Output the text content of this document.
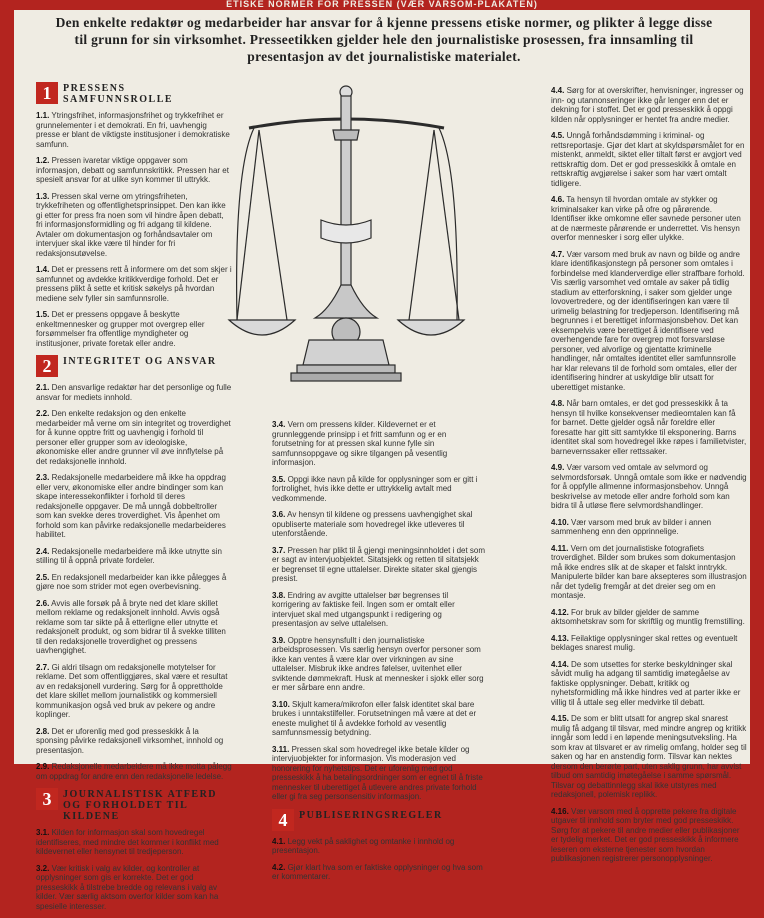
ETISKE NORMER FOR PRESSEN (VÆR VARSOM-PLAKATEN)
Den enkelte redaktør og medarbeider har ansvar for å kjenne pressens etiske normer, og plikter å legge disse til grunn for sin virksomhet. Presseetikken gjelder hele den journalistiske prosessen, fra innsamling til presentasjon av det journalistiske materialet.
1	PRESSENS SAMFUNNSROLLE

1.1. Ytringsfrihet, informasjonsfrihet og trykkefrihet er grunnelementer i et demokrati. En fri, uavhengig presse er blant de viktigste institusjoner i demokratiske samfunn.

1.2. Pressen ivaretar viktige oppgaver som informasjon, debatt og samfunnskritikk. Pressen har et spesielt ansvar for at ulike syn kommer til uttrykk.

1.3. Pressen skal verne om ytringsfriheten, trykkefriheten og offentlighetsprinsippet. Den kan ikke gi etter for press fra noen som vil hindre åpen debatt, fri informasjonsformidling og fri adgang til kildene. Avtaler om dokumentasjon og forhåndsavtaler om intervjuer skal ikke være til hinder for fri redaksjonsutøvelse.

1.4. Det er pressens rett å informere om det som skjer i samfunnet og avdekke kritikkverdige forhold. Det er pressens plikt å sette et kritisk søkelys på hvordan mediene selv fyller sin samfunnsrolle.

1.5. Det er pressens oppgave å beskytte enkeltmennesker og grupper mot overgrep eller forsømmelser fra offentlige myndigheter og institusjoner, private foretak eller andre.

2	INTEGRITET OG ANSVAR

2.1. Den ansvarlige redaktør har det personlige og fulle ansvar for mediets innhold.

2.2. Den enkelte redaksjon og den enkelte medarbeider må verne om sin integritet og troverdighet for å kunne opptre fritt og uavhengig i forhold til personer eller grupper som av ideologiske, økonomiske eller andre grunner vil øve innflytelse på det redaksjonelle innhold.

2.3. Redaksjonelle medarbeidere må ikke ha oppdrag eller verv, økonomiske eller andre bindinger som kan skape interessekonflikter i forhold til deres redaksjonelle oppgaver. De må unngå dobbeltroller som kan svekke deres troverdighet. Vis åpenhet om forhold som kan påvirke redaksjonelle medarbeideres habilitet.

2.4. Redaksjonelle medarbeidere må ikke utnytte sin stilling til å oppnå private fordeler.

2.5. En redaksjonell medarbeider kan ikke pålegges å gjøre noe som strider mot egen overbevisning.

2.6. Avvis alle forsøk på å bryte ned det klare skillet mellom reklame og redaksjonelt innhold. Avvis også reklame som tar sikte på å etterligne eller utnytte et redaksjonelt produkt, og som bidrar til å svekke tilliten til den redaksjonelle troverdighet og pressens uavhengighet.

2.7. Gi aldri tilsagn om redaksjonelle motytelser for reklame. Det som offentliggjøres, skal være et resultat av en redaksjonell vurdering. Sørg for å opprettholde det klare skillet mellom journalistikk og kommersiell kommunikasjon også ved bruk av pekere og andre koplinger.

2.8. Det er uforenlig med god presseskikk å la sponsing påvirke redaksjonell virksomhet, innhold og presentasjon.

2.9. Redaksjonelle medarbeidere må ikke motta pålegg om oppdrag for andre enn den redaksjonelle ledelse.

3	JOURNALISTISK ATFERD OG FORHOLDET TIL KILDENE

3.1. Kilden for informasjon skal som hovedregel identifiseres, med mindre det kommer i konflikt med kildevernet eller hensynet til tredjeperson.

3.2. Vær kritisk i valg av kilder, og kontroller at opplysninger som gis er korrekte. Det er god presseskikk å tilstrebe bredde og relevans i valg av kilder. Vær særlig aktsom overfor kilder som kan ha spesielle interesser.

3.4. Vern om pressens kilder. Kildevernet er et grunnleggende prinsipp i et fritt samfunn og er en forutsetning for at pressen skal kunne fylle sin samfunnsoppgave og sikre tilgangen på vesentlig informasjon.

3.5. Oppgi ikke navn på kilde for opplysninger som er gitt i fortrolighet, hvis ikke dette er uttrykkelig avtalt med vedkommende.

3.6. Av hensyn til kildene og pressens uavhengighet skal opubliserte materiale som hovedregel ikke utleveres til utenforstående.

3.7. Pressen har plikt til å gjengi meningsinnholdet i det som er sagt av intervjuobjektet. Sitatsjekk og retten til sitatsjekk er begrenset til egne uttalelser. Direkte sitater skal gjengis presist.

3.8. Endring av avgitte uttalelser bør begrenses til korrigering av faktiske feil. Ingen som er omtalt eller intervjuet skal med utgangspunkt i redigering og presentasjon av selve uttalelsen.

3.9. Opptre hensynsfullt i den journalistiske arbeidsprosessen. Vis særlig hensyn overfor personer som ikke kan ventes å være klar over virkningen av sine uttalelser. Misbruk ikke andres følelser, uvitenhet eller sviktende dømmekraft. Husk at mennesker i sjokk eller sorg er mer sårbare enn andre.

3.10. Skjult kamera/mikrofon eller falsk identitet skal bare brukes i unntakstilfeller. Forutsetningen må være at det er eneste mulighet til å avdekke forhold av vesentlig samfunnsmessig betydning.

3.11. Pressen skal som hovedregel ikke betale kilder og intervjuobjekter for informasjon. Vis moderasjon ved honorering for nyhetstips. Det er uforenlig med god presseskikk å ha betalingsordninger som er egnet til å friste mennesker til uberettiget å utlevere andres private forhold eller gi fra seg personsensitiv informasjon.

4	PUBLISERINGSREGLER

4.1. Legg vekt på saklighet og omtanke i innhold og presentasjon.

4.2. Gjør klart hva som er faktiske opplysninger og hva som er kommentarer.

4.4. Sørg for at overskrifter, henvisninger, ingresser og inn- og utannonseringer ikke går lenger enn det er dekning for i stoffet. Det er god presseskikk å oppgi kilden når opplysninger er hentet fra andre medier.

4.5. Unngå forhåndsdømming i kriminal- og rettsreportasje. Gjør det klart at skyldspørsmålet for en mistenkt, anmeldt, siktet eller tiltalt først er avgjort ved rettskraftig dom. Det er god presseskikk å omtale en rettskraftig avgjørelse i saker som har vært omtalt tidligere.

4.6. Ta hensyn til hvordan omtale av stykker og kriminalsaker kan virke på ofre og pårørende. Identifiser ikke omkomne eller savnede personer uten at de nærmeste pårørende er underrettet. Vis hensyn overfor mennesker i sorg eller ulykke.

4.7. Vær varsom med bruk av navn og bilde og andre klare identifikasjonstegn på personer som omtales i forbindelse med klanderverdige eller straffbare forhold. Vis særlig varsomhet ved omtale av saker på tidlig stadium av etterforskning, i saker som gjelder unge lovovertredere, og der identifiseringen kan være til urimelig belastning for tredjeperson. Identifisering må begrunnes i et berettiget informasjonsbehov. Det kan eksempelvis være berettiget å identifisere ved overhengende fare for overgrep mot forsvarsløse personer, ved alvorlige og gjentatte kriminelle handlinger, når omtaltes identitet eller samfunnsrolle har klar relevans til de forhold som omtales, eller der identifisering hindrer at uskyldige blir utsatt for uberettiget mistanke.

4.8. Når barn omtales, er det god presseskikk å ta hensyn til hvilke konsekvenser medieomtalen kan få for barnet. Dette gjelder også når foreldre eller foresatte har gitt sitt samtykke til eksponering. Barns identitet skal som hovedregel ikke røpes i familietvister, barnevernssaker eller rettssaker.

4.9. Vær varsom ved omtale av selvmord og selvmordsforsøk. Unngå omtale som ikke er nødvendig for å oppfylle allmenne informasjonsbehov. Unngå beskrivelse av metode eller andre forhold som kan bidra til å utløse flere selvmordshandlinger.

4.10. Vær varsom med bruk av bilder i annen sammenheng enn den opprinnelige.

4.11. Vern om det journalistiske fotografiets troverdighet. Bilder som brukes som dokumentasjon må ikke endres slik at de skaper et falskt inntrykk. Manipulerte bilder kan bare aksepteres som illustrasjon når det tydelig fremgår at det dreier seg om en montasje.

4.12. For bruk av bilder gjelder de samme aktsomhetskrav som for skriftlig og muntlig fremstilling.

4.13. Feilaktige opplysninger skal rettes og eventuelt beklages snarest mulig.

4.14. De som utsettes for sterke beskyldninger skal såvidt mulig ha adgang til samtidig imøtegåelse av faktiske opplysninger. Debatt, kritikk og nyhetsformidling må ikke hindres ved at parter ikke er villig til å uttale seg eller medvirke til debatt.

4.15. De som er blitt utsatt for angrep skal snarest mulig få adgang til tilsvar, med mindre angrep og kritikk inngår som ledd i en løpende meningsutveksling. Ha som krav at tilsvaret er av rimelig omfang, holder seg til saken og har en anstendig form. Tilsvar kan nektes dersom den berørte part, uten saklig grunn, har avvist tilbud om samtidig imøtegåelse i samme spørsmål. Tilsvar og debattinnlegg skal ikke utstyres med redaksjonell, polemisk replikk.

4.16. Vær varsom med å opprette pekere fra digitale utgaver til innhold som bryter med god presseskikk. Sørg for at pekere til andre medier eller publikasjoner er tydelig merket. Det er god presseskikk å informere leseren om eksterne tjenester som hvordan publikasjonen registrerer personopplysninger.
